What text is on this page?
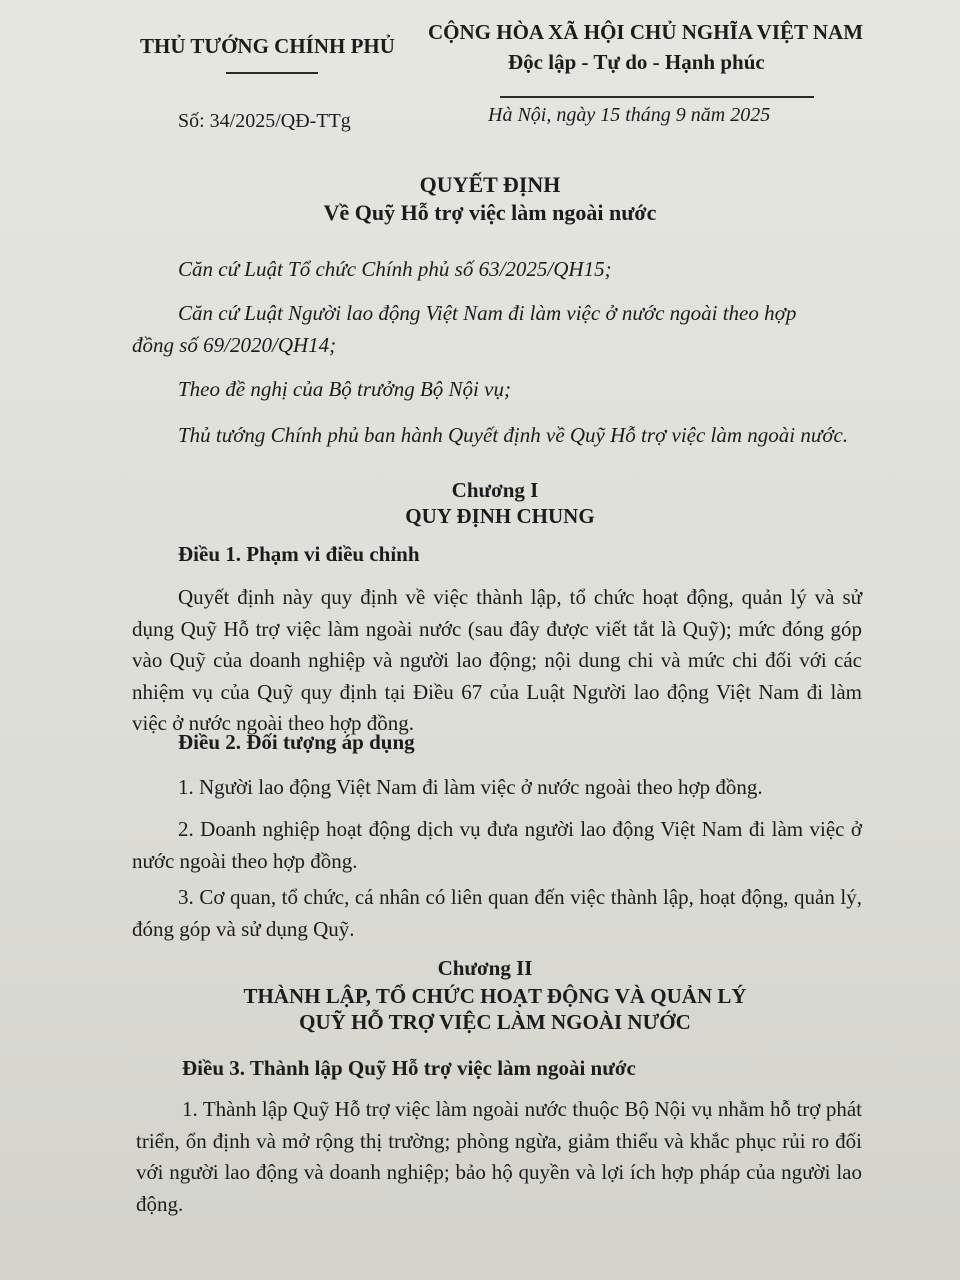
THỦ TƯỚNG CHÍNH PHỦ
CỘNG HÒA XÃ HỘI CHỦ NGHĨA VIỆT NAM
Độc lập - Tự do - Hạnh phúc
Số: 34/2025/QĐ-TTg	Hà Nội, ngày 15 tháng 9 năm 2025
QUYẾT ĐỊNH
Về Quỹ Hỗ trợ việc làm ngoài nước
Căn cứ Luật Tổ chức Chính phủ số 63/2025/QH15;
Căn cứ Luật Người lao động Việt Nam đi làm việc ở nước ngoài theo hợp đồng số 69/2020/QH14;
Theo đề nghị của Bộ trưởng Bộ Nội vụ;
Thủ tướng Chính phủ ban hành Quyết định về Quỹ Hỗ trợ việc làm ngoài nước.
Chương I
QUY ĐỊNH CHUNG
Điều 1. Phạm vi điều chỉnh
Quyết định này quy định về việc thành lập, tổ chức hoạt động, quản lý và sử dụng Quỹ Hỗ trợ việc làm ngoài nước (sau đây được viết tắt là Quỹ); mức đóng góp vào Quỹ của doanh nghiệp và người lao động; nội dung chi và mức chi đối với các nhiệm vụ của Quỹ quy định tại Điều 67 của Luật Người lao động Việt Nam đi làm việc ở nước ngoài theo hợp đồng.
Điều 2. Đối tượng áp dụng
1. Người lao động Việt Nam đi làm việc ở nước ngoài theo hợp đồng.
2. Doanh nghiệp hoạt động dịch vụ đưa người lao động Việt Nam đi làm việc ở nước ngoài theo hợp đồng.
3. Cơ quan, tổ chức, cá nhân có liên quan đến việc thành lập, hoạt động, quản lý, đóng góp và sử dụng Quỹ.
Chương II
THÀNH LẬP, TỔ CHỨC HOẠT ĐỘNG VÀ QUẢN LÝ
QUỸ HỖ TRỢ VIỆC LÀM NGOÀI NƯỚC
Điều 3. Thành lập Quỹ Hỗ trợ việc làm ngoài nước
1. Thành lập Quỹ Hỗ trợ việc làm ngoài nước thuộc Bộ Nội vụ nhằm hỗ trợ phát triển, ổn định và mở rộng thị trường; phòng ngừa, giảm thiểu và khắc phục rủi ro đối với người lao động và doanh nghiệp; bảo hộ quyền và lợi ích hợp pháp của người lao động.
